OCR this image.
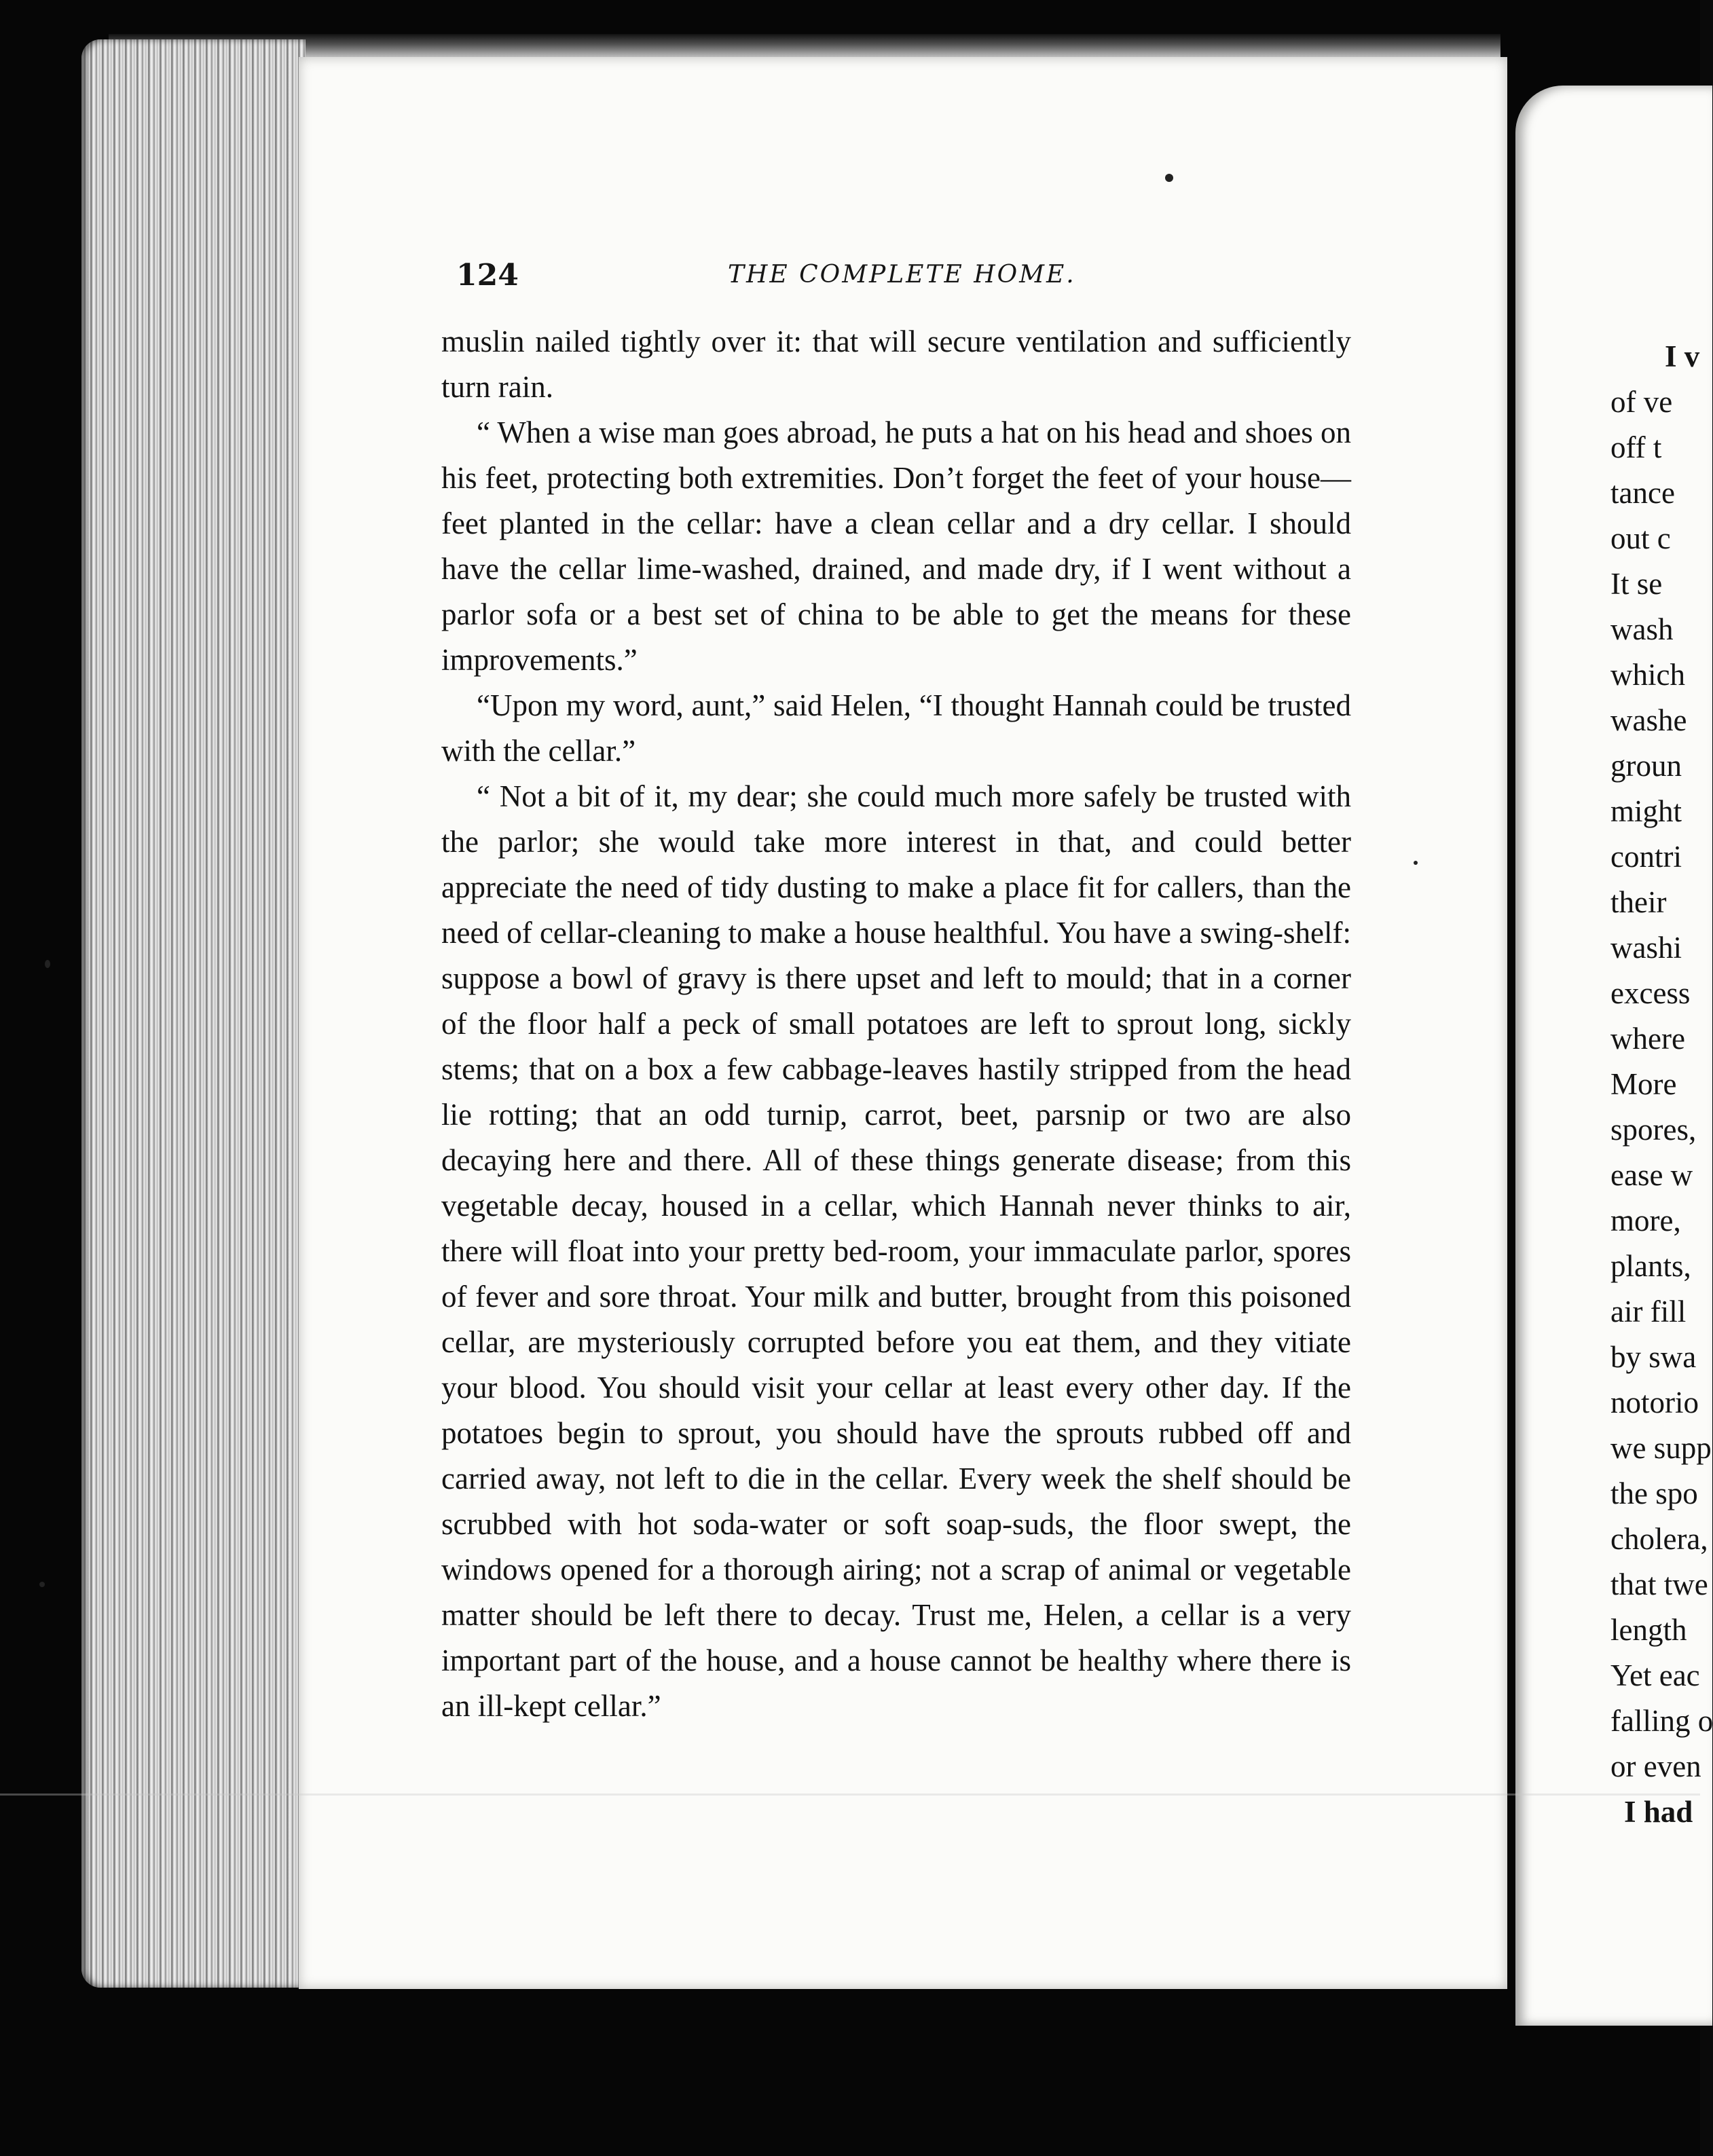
124	THE COMPLETE HOME.

muslin nailed tightly over it: that will secure ventilation and sufficiently turn rain.

“ When a wise man goes abroad, he puts a hat on his head and shoes on his feet, protecting both extremities. Don’t forget the feet of your house—feet planted in the cellar: have a clean cellar and a dry cellar. I should have the cellar lime-washed, drained, and made dry, if I went without a parlor sofa or a best set of china to be able to get the means for these improvements.”

“Upon my word, aunt,” said Helen, “I thought Hannah could be trusted with the cellar.”

“ Not a bit of it, my dear; she could much more safely be trusted with the parlor; she would take more interest in that, and could better appreciate the need of tidy dusting to make a place fit for callers, than the need of cellar-cleaning to make a house healthful. You have a swing-shelf: suppose a bowl of gravy is there upset and left to mould; that in a corner of the floor half a peck of small potatoes are left to sprout long, sickly stems; that on a box a few cabbage-leaves hastily stripped from the head lie rotting; that an odd turnip, carrot, beet, parsnip or two are also decaying here and there. All of these things generate disease; from this vegetable decay, housed in a cellar, which Hannah never thinks to air, there will float into your pretty bed-room, your immaculate parlor, spores of fever and sore throat. Your milk and butter, brought from this poisoned cellar, are mysteriously corrupted before you eat them, and they vitiate your blood. You should visit your cellar at least every other day. If the potatoes begin to sprout, you should have the sprouts rubbed off and carried away, not left to die in the cellar. Every week the shelf should be scrubbed with hot soda-water or soft soap-suds, the floor swept, the windows opened for a thorough airing; not a scrap of animal or vegetable matter should be left there to decay. Trust me, Helen, a cellar is a very important part of the house, and a house cannot be healthy where there is an ill-kept cellar.”

I v
of ve
off t
tance
out c
It se
wash
which
washe
groun
might
contri
their
washi
excess
where
More
spores,
ease w
more,
plants,
air fill
by swa
notorio
we supp
the spo
cholera,
that twe
length
Yet eac
falling o
or even
I had
